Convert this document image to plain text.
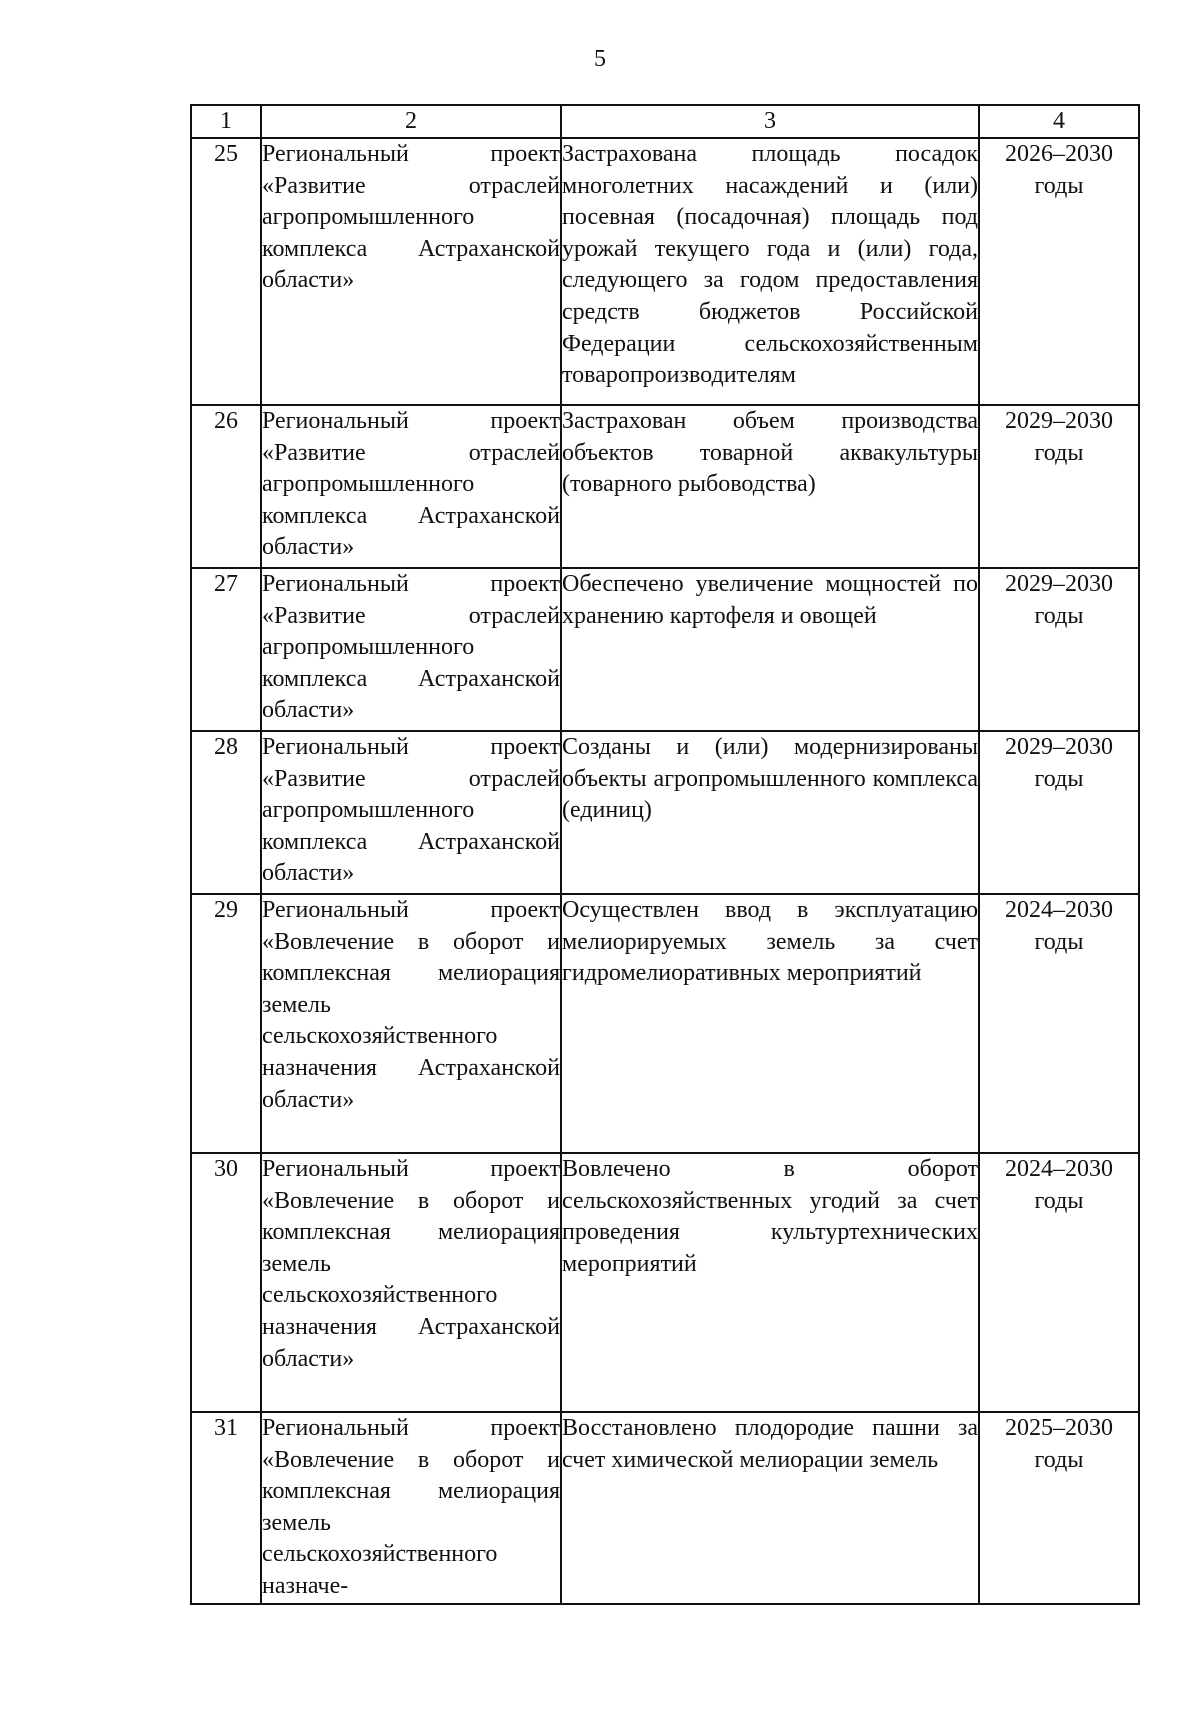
5
1	2	3	4
25	Региональный проект «Развитие отраслей агропромышленного комплекса Астраханской области»	Застрахована площадь посадок многолетних насаждений и (или) посевная (посадочная) площадь под урожай текущего года и (или) года, следующего за годом предоставления средств бюджетов Российской Федерации сельскохозяйственным товаропроизводителям	2026–2030
годы

26	Региональный проект «Развитие отраслей агропромышленного комплекса Астраханской области»	Застрахован объем производства объектов товарной аквакультуры (товарного рыбоводства)	2029–2030
годы

27	Региональный проект «Развитие отраслей агропромышленного комплекса Астраханской области»	Обеспечено увеличение мощностей по хранению картофеля и овощей	2029–2030
годы

28	Региональный проект «Развитие отраслей агропромышленного комплекса Астраханской области»	Созданы и (или) модернизированы объекты агропромышленного комплекса (единиц)	2029–2030
годы

29	Региональный проект «Вовлечение в оборот и комплексная мелиорация земель сельскохозяйственного назначения Астраханской области»	Осуществлен ввод в эксплуатацию мелиорируемых земель за счет гидромелиоративных мероприятий	2024–2030
годы

30	Региональный проект «Вовлечение в оборот и комплексная мелиорация земель сельскохозяйственного назначения Астраханской области»	Вовлечено в оборот сельскохозяйственных угодий за счет проведения культуртехнических мероприятий	2024–2030
годы

31	Региональный проект «Вовлечение в оборот и комплексная мелиорация земель сельскохозяйственного назначе-	Восстановлено плодородие пашни за счет химической мелиорации земель	2025–2030
годы
